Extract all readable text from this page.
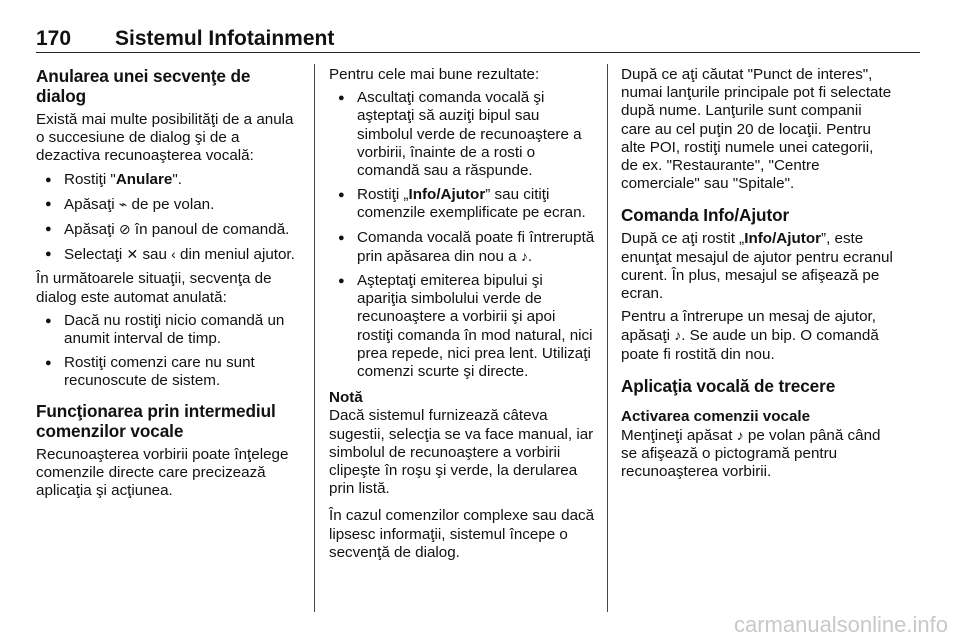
170 Sistemul Infotainment
Anularea unei secvenţe de dialog

Există mai multe posibilităţi de a anula o succesiune de dialog şi de a dezactiva recunoaşterea vocală:

● Rostiţi "Anulare".
● Apăsaţi ⌁ de pe volan.
● Apăsaţi ⊘ în panoul de comandă.
● Selectaţi ✕ sau ‹ din meniul ajutor.

În următoarele situaţii, secvenţa de dialog este automat anulată:

● Dacă nu rostiţi nicio comandă un anumit interval de timp.
● Rostiţi comenzi care nu sunt recunoscute de sistem.
Funcţionarea prin intermediul comenzilor vocale

Recunoaşterea vorbirii poate înţelege comenzile directe care precizează aplicaţia şi acţiunea.

Pentru cele mai bune rezultate:

● Ascultaţi comanda vocală şi aşteptaţi să auziţi bipul sau simbolul verde de recunoaştere a vorbirii, înainte de a rosti o comandă sau a răspunde.
● Rostiţi „Info/Ajutor” sau citiţi comenzile exemplificate pe ecran.
● Comanda vocală poate fi întreruptă prin apăsarea din nou a ♪.
● Aşteptaţi emiterea bipului şi apariţia simbolului verde de recunoaştere a vorbirii şi apoi rostiţi comanda în mod natural, nici prea repede, nici prea lent. Utilizaţi comenzi scurte şi directe.
Notă

Dacă sistemul furnizează câteva sugestii, selecţia se va face manual, iar simbolul de recunoaştere a vorbirii clipeşte în roşu şi verde, la derularea prin listă.

În cazul comenzilor complexe sau dacă lipsesc informaţii, sistemul începe o secvenţă de dialog.

După ce aţi căutat "Punct de interes", numai lanţurile principale pot fi selectate după nume. Lanţurile sunt companii care au cel puţin 20 de locaţii. Pentru alte POI, rostiţi numele unei categorii, de ex. "Restaurante", "Centre comerciale" sau "Spitale".

Comanda Info/Ajutor

După ce aţi rostit „Info/Ajutor”, este enunţat mesajul de ajutor pentru ecranul curent. În plus, mesajul se afişează pe ecran.

Pentru a întrerupe un mesaj de ajutor, apăsaţi ♪. Se aude un bip. O comandă poate fi rostită din nou.

Aplicaţia vocală de trecere
Activarea comenzii vocale

Menţineţi apăsat ♪ pe volan până când se afişează o pictogramă pentru recunoaşterea vorbirii.

carmanualsonline.info
